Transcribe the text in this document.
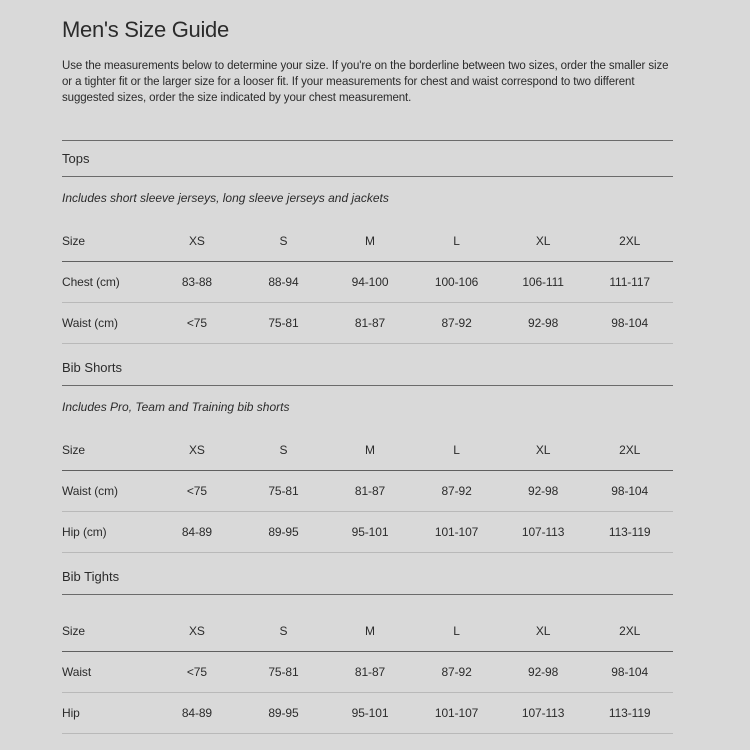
Men's Size Guide

Use the measurements below to determine your size. If you're on the borderline between two sizes, order the smaller size or a tighter fit or the larger size for a looser fit. If your measurements for chest and waist correspond to two different suggested sizes, order the size indicated by your chest measurement.

Tops

Includes short sleeve jerseys, long sleeve jerseys and jackets

Size	XS	S	M	L	XL	2XL
Chest (cm)	83-88	88-94	94-100	100-106	106-111	111-117
Waist (cm)	<75	75-81	81-87	87-92	92-98	98-104
Bib Shorts

Includes Pro, Team and Training bib shorts

Size	XS	S	M	L	XL	2XL
Waist (cm)	<75	75-81	81-87	87-92	92-98	98-104
Hip (cm)	84-89	89-95	95-101	101-107	107-113	113-119
Bib Tights
Size	XS	S	M	L	XL	2XL
Waist	<75	75-81	81-87	87-92	92-98	98-104
Hip	84-89	89-95	95-101	101-107	107-113	113-119
